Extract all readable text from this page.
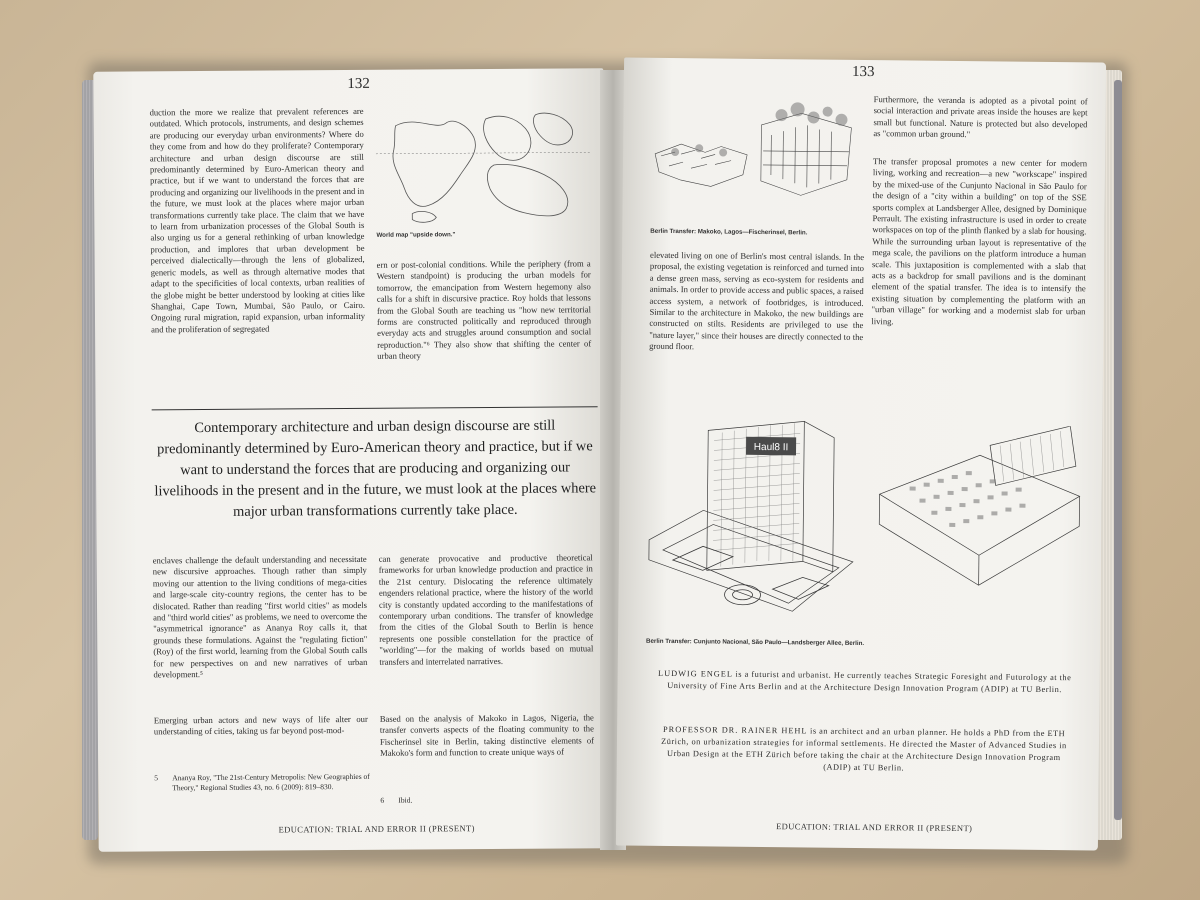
132
duction the more we realize that prevalent references are outdated. Which protocols, instruments, and design schemes are producing our everyday urban environments? Where do they come from and how do they proliferate? Contemporary architecture and urban design discourse are still predominantly determined by Euro-American theory and practice, but if we want to understand the forces that are producing and organizing our livelihoods in the present and in the future, we must look at the places where major urban transformations currently take place. The claim that we have to learn from urbanization processes of the Global South is also urging us for a general rethinking of urban knowledge production, and implores that urban development be perceived dialectically—through the lens of globalized, generic models, as well as through alternative modes that adapt to the specificities of local contexts, urban realities of the globe might be better understood by looking at cities like Shanghai, Cape Town, Mumbai, São Paulo, or Cairo. Ongoing rural migration, rapid expansion, urban informality and the proliferation of segregated
World map "upside down."
ern or post-colonial conditions. While the periphery (from a Western standpoint) is producing the urban models for tomorrow, the emancipation from Western hegemony also calls for a shift in discursive practice. Roy holds that lessons from the Global South are teaching us "how new territorial forms are constructed politically and reproduced through everyday acts and struggles around consumption and social reproduction."⁶ They also show that shifting the center of urban theory
Contemporary architecture and urban design discourse are still predominantly determined by Euro-American theory and practice, but if we want to understand the forces that are producing and organizing our livelihoods in the present and in the future, we must look at the places where major urban transformations currently take place.
enclaves challenge the default understanding and necessitate new discursive approaches. Though rather than simply moving our attention to the living conditions of mega-cities and large-scale city-country regions, the center has to be dislocated. Rather than reading "first world cities" as models and "third world cities" as problems, we need to overcome the "asymmetrical ignorance" as Ananya Roy calls it, that grounds these formulations. Against the "regulating fiction" (Roy) of the first world, learning from the Global South calls for new perspectives on and new narratives of urban development.⁵
Emerging urban actors and new ways of life alter our understanding of cities, taking us far beyond post-mod-
can generate provocative and productive theoretical frameworks for urban knowledge production and practice in the 21st century. Dislocating the reference ultimately engenders relational practice, where the history of the world city is constantly updated according to the manifestations of contemporary urban conditions. The transfer of knowledge from the cities of the Global South to Berlin is hence represents one possible constellation for the practice of "worlding"—for the making of worlds based on mutual transfers and interrelated narratives.
Based on the analysis of Makoko in Lagos, Nigeria, the transfer converts aspects of the floating community to the Fischerinsel site in Berlin, taking distinctive elements of Makoko's form and function to create unique ways of
5 Ananya Roy, "The 21st-Century Metropolis: New Geographies of Theory," Regional Studies 43, no. 6 (2009): 819–830.
6 Ibid.
EDUCATION: TRIAL AND ERROR II (PRESENT)
133
Berlin Transfer: Makoko, Lagos—Fischerinsel, Berlin.
Furthermore, the veranda is adopted as a pivotal point of social interaction and private areas inside the houses are kept small but functional. Nature is protected but also developed as "common urban ground."
The transfer proposal promotes a new center for modern living, working and recreation—a new "workscape" inspired by the mixed-use of the Cunjunto Nacional in São Paulo for the design of a "city within a building" on top of the SSE sports complex at Landsberger Allee, designed by Dominique Perrault. The existing infrastructure is used in order to create workspaces on top of the plinth flanked by a slab for housing. While the surrounding urban layout is representative of the mega scale, the pavilions on the platform introduce a human scale. This juxtaposition is complemented with a slab that acts as a backdrop for small pavilions and is the dominant element of the spatial transfer. The idea is to intensify the existing situation by complementing the platform with an "urban village" for working and a modernist slab for urban living.
elevated living on one of Berlin's most central islands. In the proposal, the existing vegetation is reinforced and turned into a dense green mass, serving as eco-system for residents and animals. In order to provide access and public spaces, a raised access system, a network of footbridges, is introduced. Similar to the architecture in Makoko, the new buildings are constructed on stilts. Residents are privileged to use the "nature layer," since their houses are directly connected to the ground floor.
Haul8 II
Berlin Transfer: Cunjunto Nacional, São Paulo—Landsberger Allee, Berlin.
LUDWIG ENGEL is a futurist and urbanist. He currently teaches Strategic Foresight and Futurology at the University of Fine Arts Berlin and at the Architecture Design Innovation Program (ADIP) at TU Berlin.
PROFESSOR DR. RAINER HEHL is an architect and an urban planner. He holds a PhD from the ETH Zürich, on urbanization strategies for informal settlements. He directed the Master of Advanced Studies in Urban Design at the ETH Zürich before taking the chair at the Architecture Design Innovation Program (ADIP) at TU Berlin.
EDUCATION: TRIAL AND ERROR II (PRESENT)
